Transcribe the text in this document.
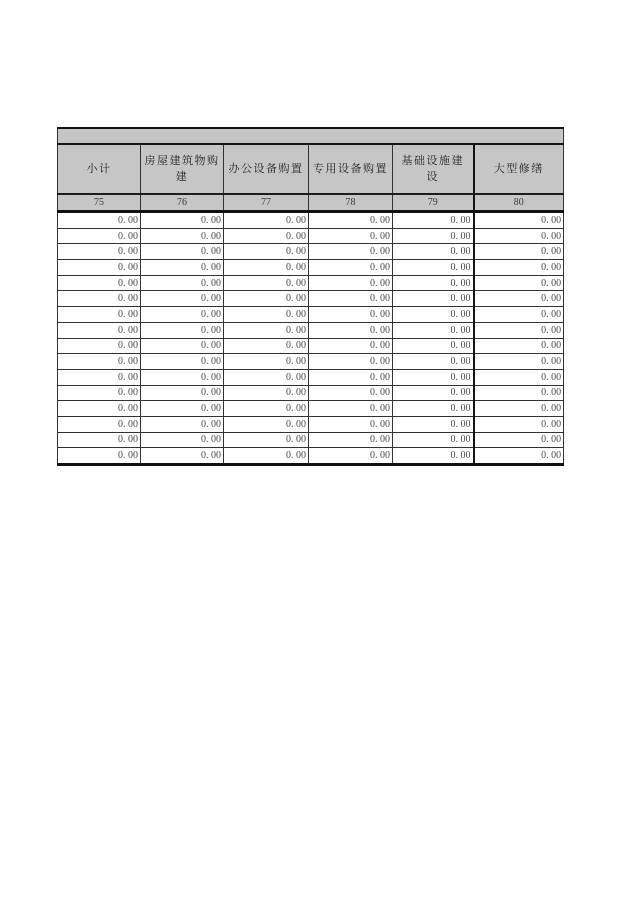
小计	房屋建筑物购建	办公设备购置	专用设备购置	基础设施建设	大型修缮
75	76	77	78	79	80
0. 00	0. 00	0. 00	0. 00	0. 00	0. 00
0. 00	0. 00	0. 00	0. 00	0. 00	0. 00
0. 00	0. 00	0. 00	0. 00	0. 00	0. 00
0. 00	0. 00	0. 00	0. 00	0. 00	0. 00
0. 00	0. 00	0. 00	0. 00	0. 00	0. 00
0. 00	0. 00	0. 00	0. 00	0. 00	0. 00
0. 00	0. 00	0. 00	0. 00	0. 00	0. 00
0. 00	0. 00	0. 00	0. 00	0. 00	0. 00
0. 00	0. 00	0. 00	0. 00	0. 00	0. 00
0. 00	0. 00	0. 00	0. 00	0. 00	0. 00
0. 00	0. 00	0. 00	0. 00	0. 00	0. 00
0. 00	0. 00	0. 00	0. 00	0. 00	0. 00
0. 00	0. 00	0. 00	0. 00	0. 00	0. 00
0. 00	0. 00	0. 00	0. 00	0. 00	0. 00
0. 00	0. 00	0. 00	0. 00	0. 00	0. 00
0. 00	0. 00	0. 00	0. 00	0. 00	0. 00
